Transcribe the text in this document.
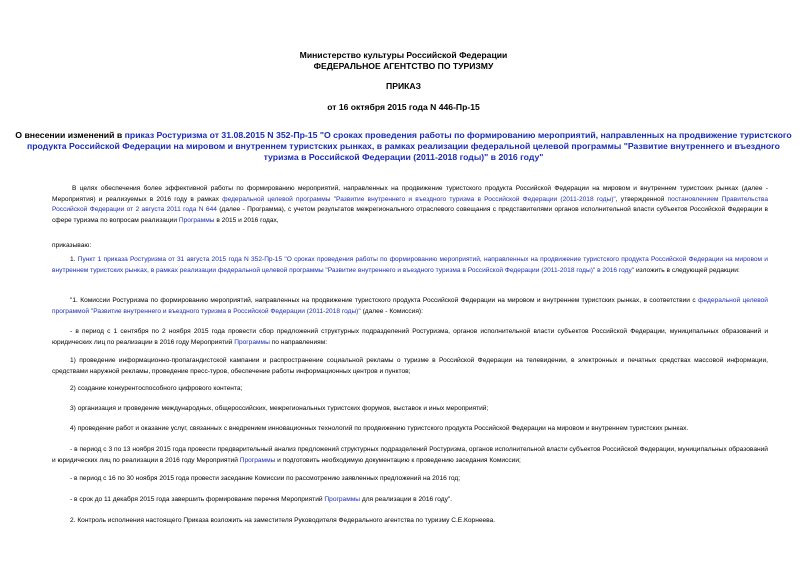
Министерство культуры Российской Федерации
ФЕДЕРАЛЬНОЕ АГЕНТСТВО ПО ТУРИЗМУ
ПРИКАЗ
от 16 октября 2015 года N 446-Пр-15
О внесении изменений в приказ Ростуризма от 31.08.2015 N 352-Пр-15 "О сроках проведения работы по формированию мероприятий, направленных на продвижение туристского продукта Российской Федерации на мировом и внутреннем туристских рынках, в рамках реализации федеральной целевой программы "Развитие внутреннего и въездного туризма в Российской Федерации (2011-2018 годы)" в 2016 году"
В целях обеспечения более эффективной работы по формированию мероприятий, направленных на продвижение туристского продукта Российской Федерации на мировом и внутреннем туристских рынках (далее - Мероприятия) и реализуемых в 2016 году в рамках федеральной целевой программы "Развитие внутреннего и въездного туризма в Российской Федерации (2011-2018 годы)", утвержденной постановлением Правительства Российской Федерации от 2 августа 2011 года N 644 (далее - Программа), с учетом результатов межрегионального отраслевого совещания с представителями органов исполнительной власти субъектов Российской Федерации в сфере туризма по вопросам реализации Программы в 2015 и 2016 годах,
приказываю:
1. Пункт 1 приказа Ростуризма от 31 августа 2015 года N 352-Пр-15 "О сроках проведения работы по формированию мероприятий, направленных на продвижение туристского продукта Российской Федерации на мировом и внутреннем туристских рынках, в рамках реализации федеральной целевой программы "Развитие внутреннего и въездного туризма в Российской Федерации (2011-2018 годы)" в 2016 году" изложить в следующей редакции:
"1. Комиссии Ростуризма по формированию мероприятий, направленных на продвижение туристского продукта Российской Федерации на мировом и внутреннем туристских рынках, в соответствии с федеральной целевой программой "Развитие внутреннего и въездного туризма в Российской Федерации (2011-2018 годы)" (далее - Комиссия):
- в период с 1 сентября по 2 ноября 2015 года провести сбор предложений структурных подразделений Ростуризма, органов исполнительной власти субъектов Российской Федерации, муниципальных образований и юридических лиц по реализации в 2016 году Мероприятий Программы по направлениям:
1) проведение информационно-пропагандистской кампании и распространение социальной рекламы о туризме в Российской Федерации на телевидении, в электронных и печатных средствах массовой информации, средствами наружной рекламы, проведение пресс-туров, обеспечение работы информационных центров и пунктов;
2) создание конкурентоспособного цифрового контента;
3) организация и проведение международных, общероссийских, межрегиональных туристских форумов, выставок и иных мероприятий;
4) проведение работ и оказание услуг, связанных с внедрением инновационных технологий по продвижению туристского продукта Российской Федерации на мировом и внутреннем туристских рынках.
- в период с 3 по 13 ноября 2015 года провести предварительный анализ предложений структурных подразделений Ростуризма, органов исполнительной власти субъектов Российской Федерации, муниципальных образований и юридических лиц по реализации в 2016 году Мероприятий Программы и подготовить необходимую документацию к проведению заседания Комиссии;
- в период с 16 по 30 ноября 2015 года провести заседание Комиссии по рассмотрению заявленных предложений на 2016 год;
- в срок до 11 декабря 2015 года завершить формирование перечня Мероприятий Программы для реализации в 2016 году".
2. Контроль исполнения настоящего Приказа возложить на заместителя Руководителя Федерального агентства по туризму С.Е.Корнеева.
